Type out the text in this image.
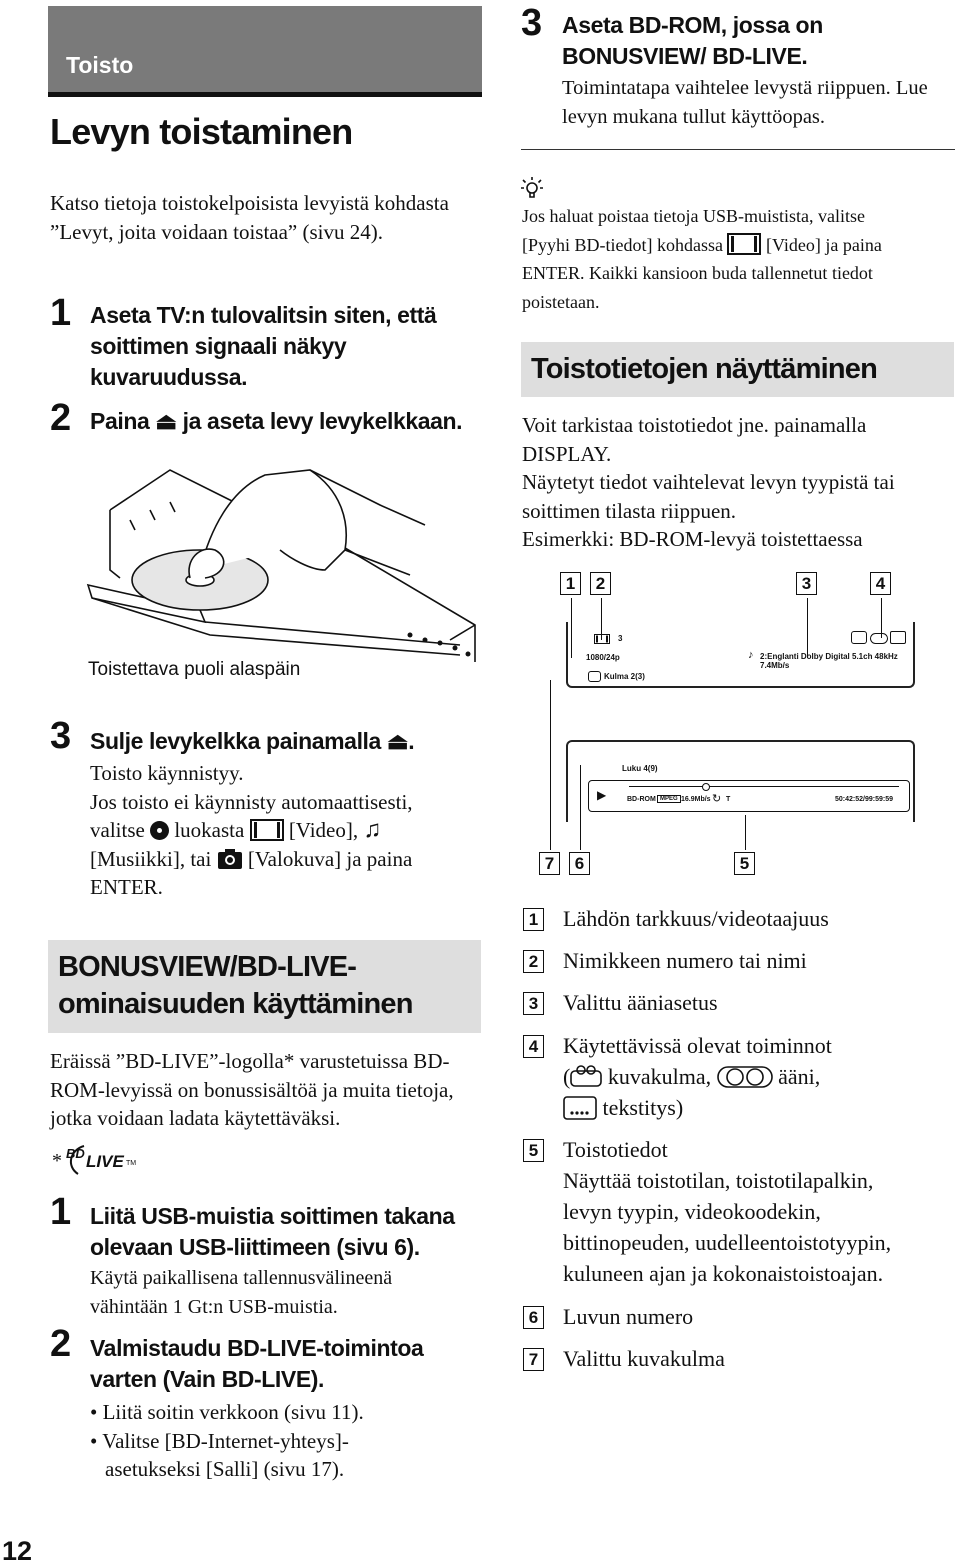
Toisto
Levyn toistaminen
Katso tietoja toistokelpoisista levyistä kohdasta ”Levyt, joita voidaan toistaa” (sivu 24).
1 Aseta TV:n tulovalitsin siten, että soittimen signaali näkyy kuvaruudussa.
2 Paina ⏏ ja aseta levy levykelkkaan.
Toistettava puoli alaspäin
3 Sulje levykelkka painamalla ⏏.
Toisto käynnistyy.
Jos toisto ei käynnisty automaattisesti,
valitse luokasta [Video], ♫
[Musiikki], tai [Valokuva] ja paina
ENTER.
BONUSVIEW/BD-LIVE-
ominaisuuden käyttäminen
Eräissä ”BD-LIVE”-logolla* varustetuissa BD-ROM-levyissä on bonussisältöä ja muita tietoja, jotka voidaan ladata käytettäväksi.
* BD LIVE TM
1 Liitä USB-muistia soittimen takana olevaan USB-liittimeen (sivu 6).
Käytä paikallisena tallennusvälineenä vähintään 1 Gt:n USB-muistia.
2 Valmistaudu BD-LIVE-toimintoa varten (Vain BD-LIVE).
• Liitä soitin verkkoon (sivu 11).
• Valitse [BD-Internet-yhteys]-
asetukseksi [Salli] (sivu 17).
3 Aseta BD-ROM, jossa on BONUSVIEW/ BD-LIVE.
Toimintatapa vaihtelee levystä riippuen. Lue levyn mukana tullut käyttöopas.
Jos haluat poistaa tietoja USB-muistista, valitse
[Pyyhi BD-tiedot] kohdassa [Video] ja paina
ENTER. Kaikki kansioon buda tallennetut tiedot
poistetaan.
Toistotietojen näyttäminen
Voit tarkistaa toistotiedot jne. painamalla
DISPLAY.
Näytetyt tiedot vaihtelevat levyn tyypistä tai
soittimen tilasta riippuen.
Esimerkki: BD-ROM-levyä toistettaessa
1	2	3	4
7	6	5
3
1080/24p
Kulma 2(3)
♪ 2:Englanti Dolby Digital 5.1ch 48kHz 7.4Mb/s
Luku 4(9)
▶	BD-ROM MPEG 16.9Mb/s ↻ T	50:42:52/99:59:59
1 Lähdön tarkkuus/videotaajuus
2 Nimikkeen numero tai nimi
3 Valittu ääniasetus
4 Käytettävissä olevat toiminnot
( kuvakulma,	ääni,
tekstitys)
5 Toistotiedot
Näyttää toistotilan, toistotilapalkin,
levyn tyypin, videokoodekin,
bittinopeuden, uudelleentoistotyypin,
kuluneen ajan ja kokonaistoistoajan.
6 Luvun numero
7 Valittu kuvakulma
12
